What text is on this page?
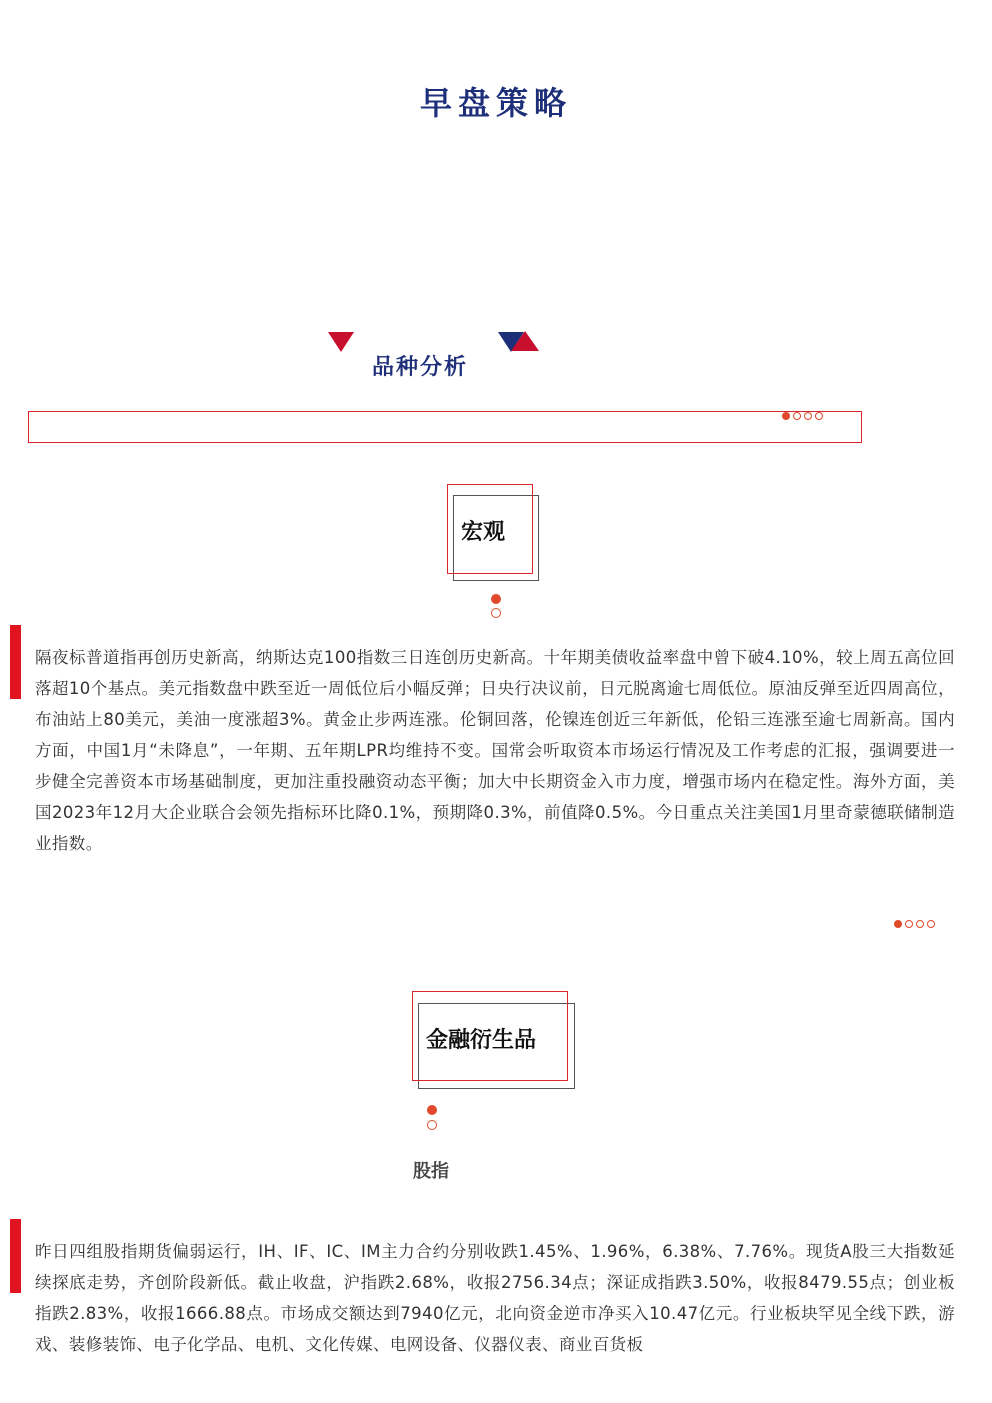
早盘策略
品种分析
宏观
隔夜标普道指再创历史新高，纳斯达克100指数三日连创历史新高。十年期美债收益率盘中曾下破4.10%，较上周五高位回落超10个基点。美元指数盘中跌至近一周低位后小幅反弹；日央行决议前，日元脱离逾七周低位。原油反弹至近四周高位，布油站上80美元，美油一度涨超3%。黄金止步两连涨。伦铜回落，伦镍连创近三年新低，伦铅三连涨至逾七周新高。国内方面，中国1月“未降息”，一年期、五年期LPR均维持不变。国常会听取资本市场运行情况及工作考虑的汇报，强调要进一步健全完善资本市场基础制度，更加注重投融资动态平衡；加大中长期资金入市力度，增强市场内在稳定性。海外方面，美国2023年12月大企业联合会领先指标环比降0.1%，预期降0.3%，前值降0.5%。今日重点关注美国1月里奇蒙德联储制造业指数。
金融衍生品
股指
昨日四组股指期货偏弱运行，IH、IF、IC、IM主力合约分别收跌1.45%、1.96%，6.38%、7.76%。现货A股三大指数延续探底走势，齐创阶段新低。截止收盘，沪指跌2.68%，收报2756.34点；深证成指跌3.50%，收报8479.55点；创业板指跌2.83%，收报1666.88点。市场成交额达到7940亿元，北向资金逆市净买入10.47亿元。行业板块罕见全线下跌，游戏、装修装饰、电子化学品、电机、文化传媒、电网设备、仪器仪表、商业百货板
